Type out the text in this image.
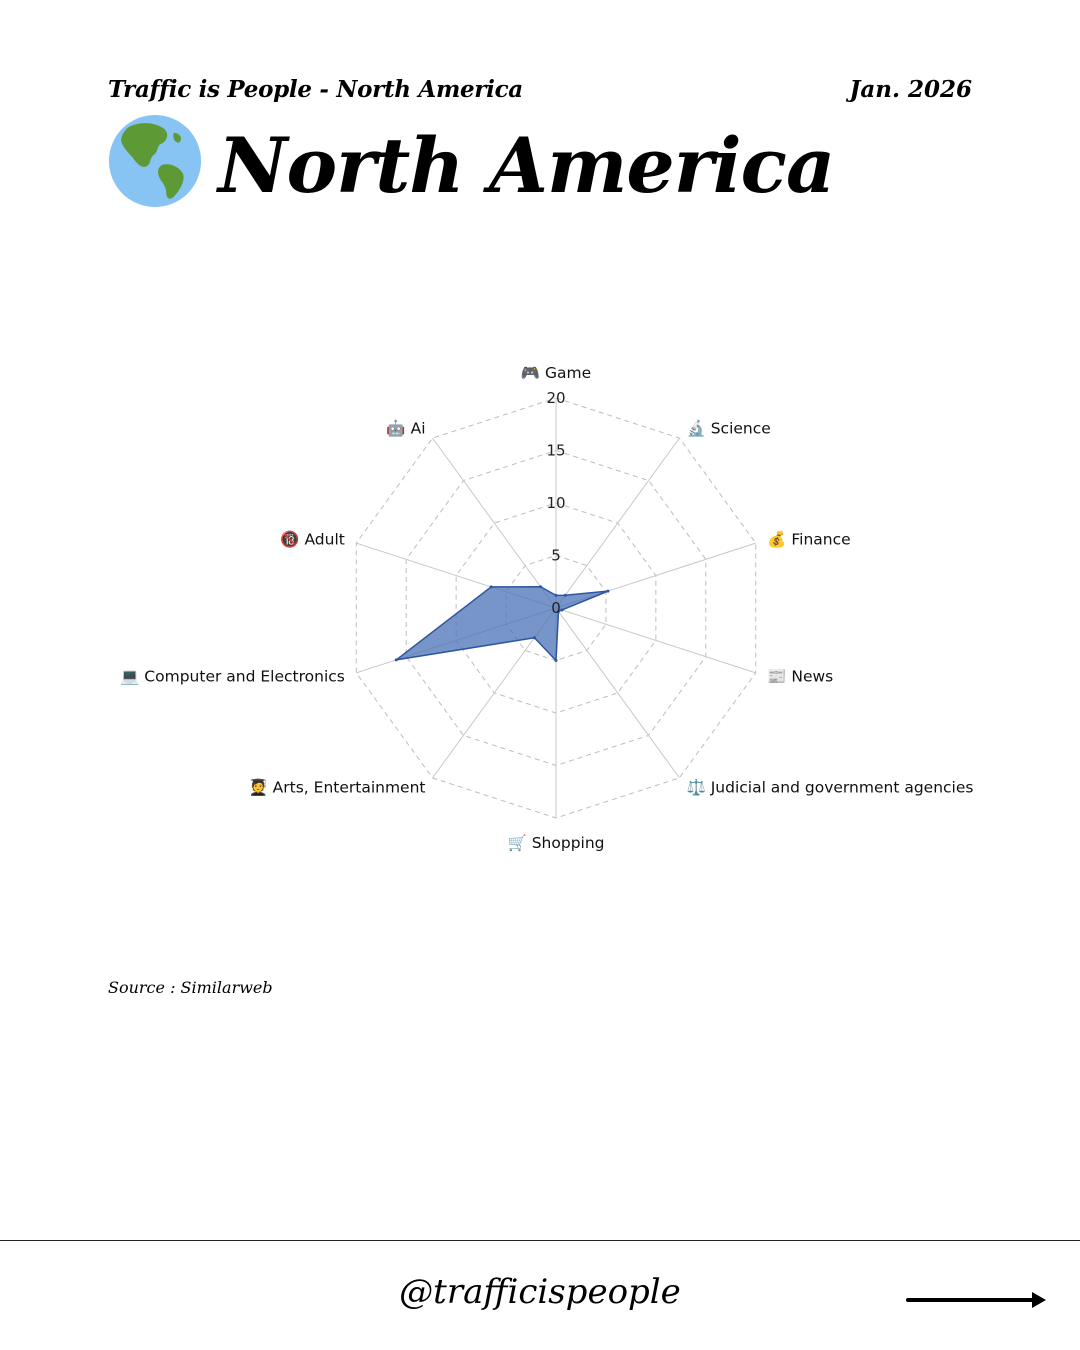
Traffic is People - North America	Jan. 2026
North America
0
5
10
15
20
🎮 Game
🔬 Science
💰 Finance
📰 News
⚖️ Judicial and government agencies
🛒 Shopping
🧑‍🎓 Arts, Entertainment
💻 Computer and Electronics
🔞 Adult
🤖 Ai
Source : Similarweb
@trafficispeople
